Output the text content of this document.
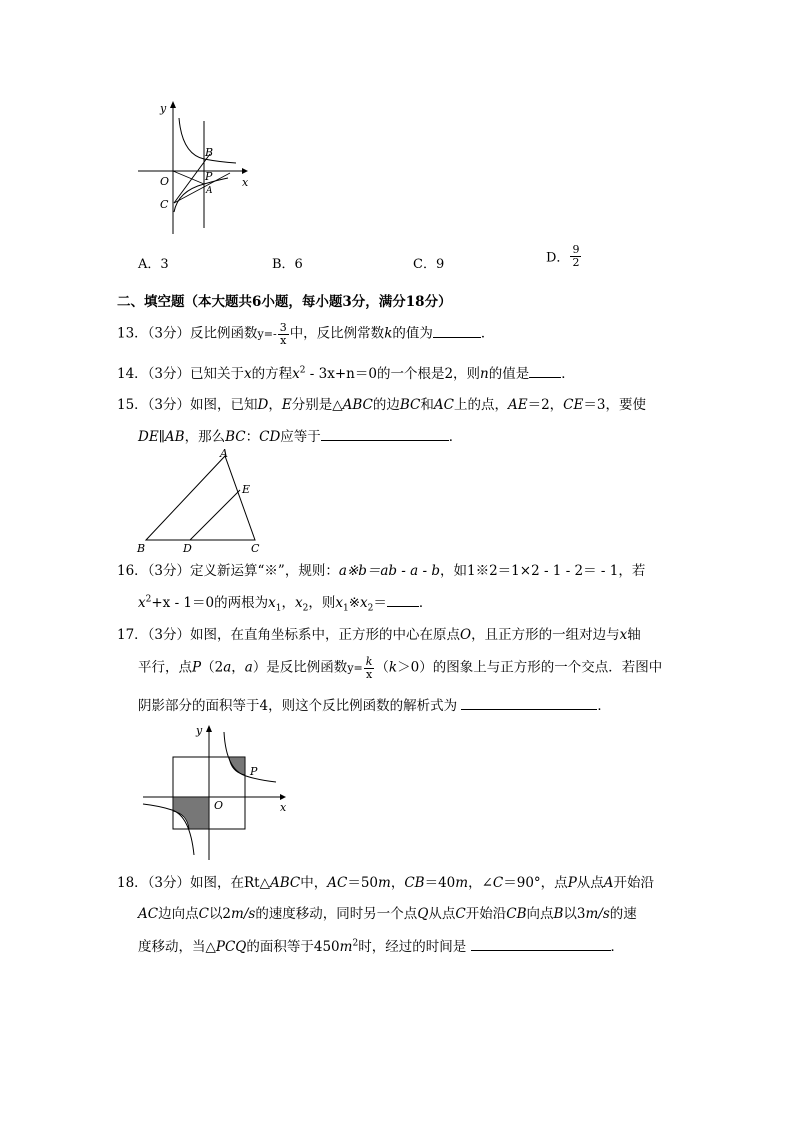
y
x
O
B
P
A
C
A．3	B．6	C．9	D． $\frac{9}{2}$
二、填空题（本大题共6小题，每小题3分，满分18分）
13．（3分）反比例函数$y=- \frac{3}{x}$ 中，反比例常数k的值为	．
14．（3分）已知关于x的方程$x^2 - 3x+n=0$的一个根是2，则n的值是 ．
15．（3分）如图，已知D，E分别是△ABC的边BC和AC上的点，AE＝2，CE＝3，要使
DE∥AB，那么BC：CD应等于	．
A
E
B	D	C
16．（3分）定义新运算“※”，规则：a※b＝ab - a - b，如1※2＝1×2 - 1 - 2＝ - 1，若
$x^2+x - 1=0$的两根为$x_1$，$x_2$，则$x_1※x_2=$ ．
17．（3分）如图，在直角坐标系中，正方形的中心在原点O，且正方形的一组对边与x轴
平行，点P（2a，a）是反比例函数$y= \frac{k}{x} (k>0)$的图象上与正方形的一个交点．若图中
阴影部分的面积等于4，则这个反比例函数的解析式为	．
y
x
O
P
18．（3分）如图，在Rt△ABC中，AC＝50m，CB＝40m，∠C＝90°，点P从点A开始沿
AC边向点C以2m/s的速度移动，同时另一个点Q从点C开始沿CB向点B以3m/s的速
度移动，当△PCQ的面积等于$450m^2$时，经过的时间是	．
